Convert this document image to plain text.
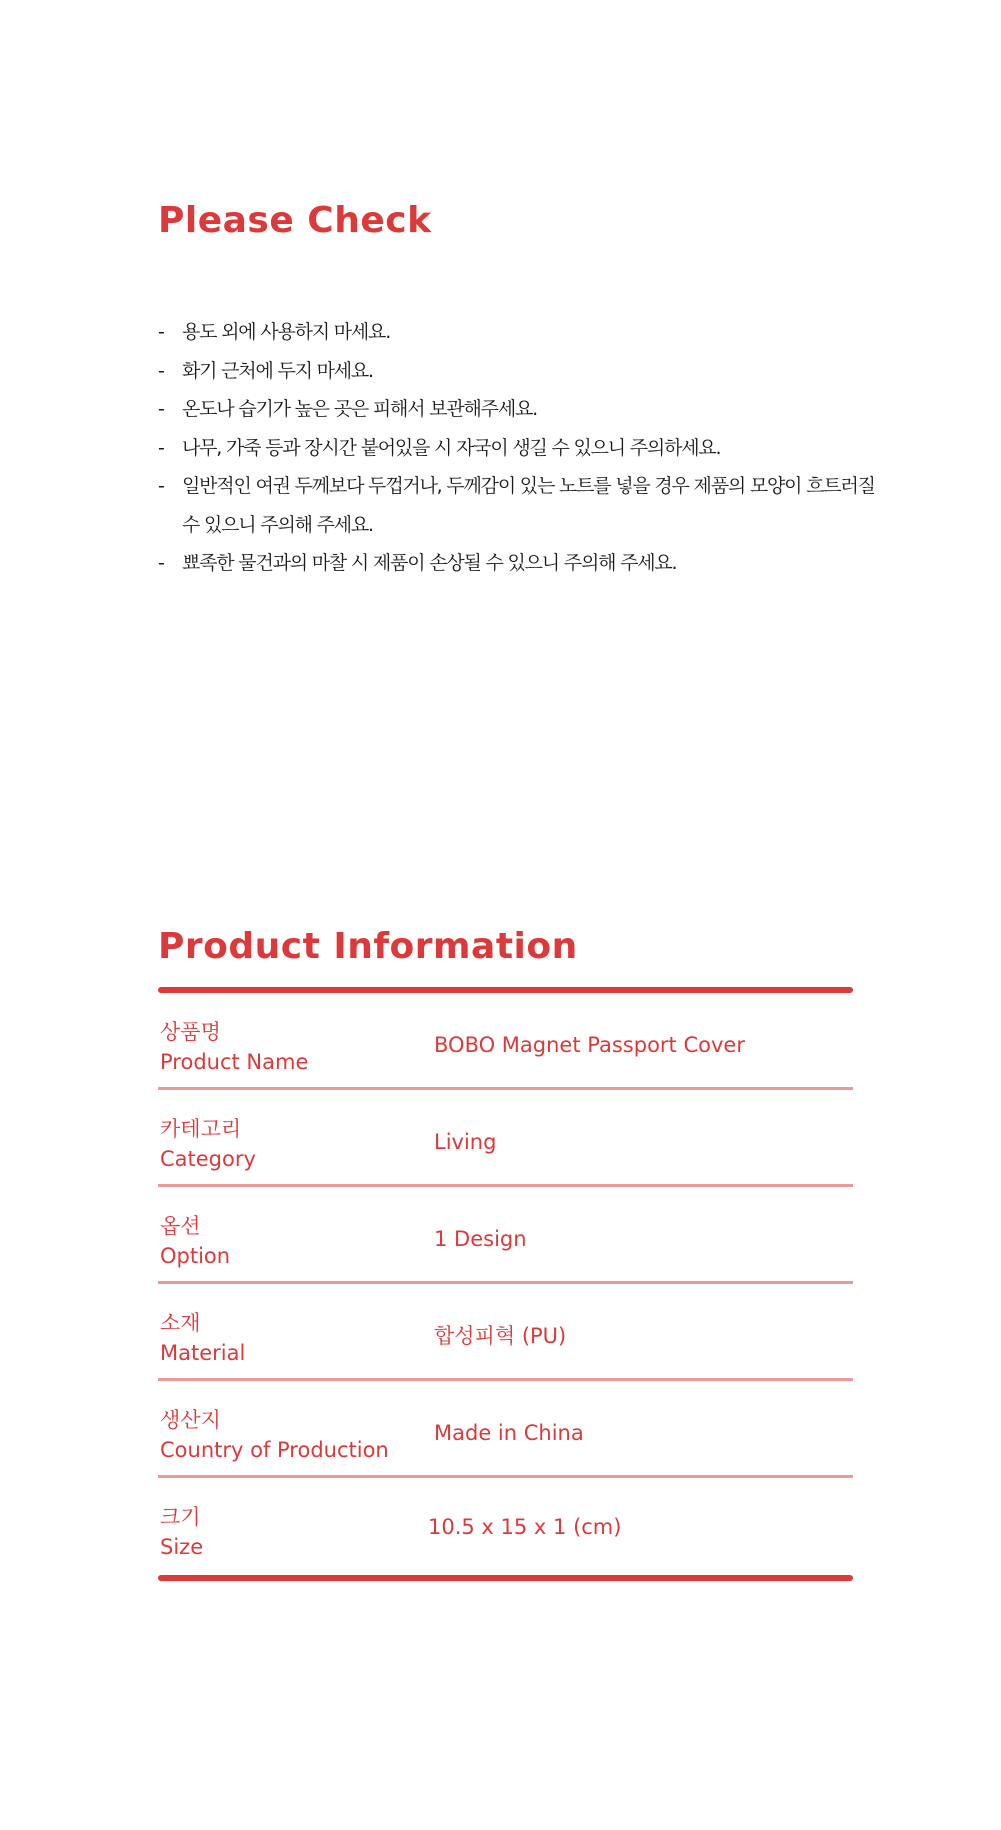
Please Check
- 용도 외에 사용하지 마세요.
- 화기 근처에 두지 마세요.
- 온도나 습기가 높은 곳은 피해서 보관해주세요.
- 나무, 가죽 등과 장시간 붙어있을 시 자국이 생길 수 있으니 주의하세요.
- 일반적인 여권 두께보다 두껍거나, 두께감이 있는 노트를 넣을 경우 제품의 모양이 흐트러질 수 있으니 주의해 주세요.
- 뾰족한 물건과의 마찰 시 제품이 손상될 수 있으니 주의해 주세요.
Product Information
상품명
Product Name
BOBO Magnet Passport Cover
카테고리
Category
Living
옵션
Option
1 Design
소재
Material
합성피혁 (PU)
생산지
Country of Production
Made in China
크기
Size
10.5 x 15 x 1 (cm)
